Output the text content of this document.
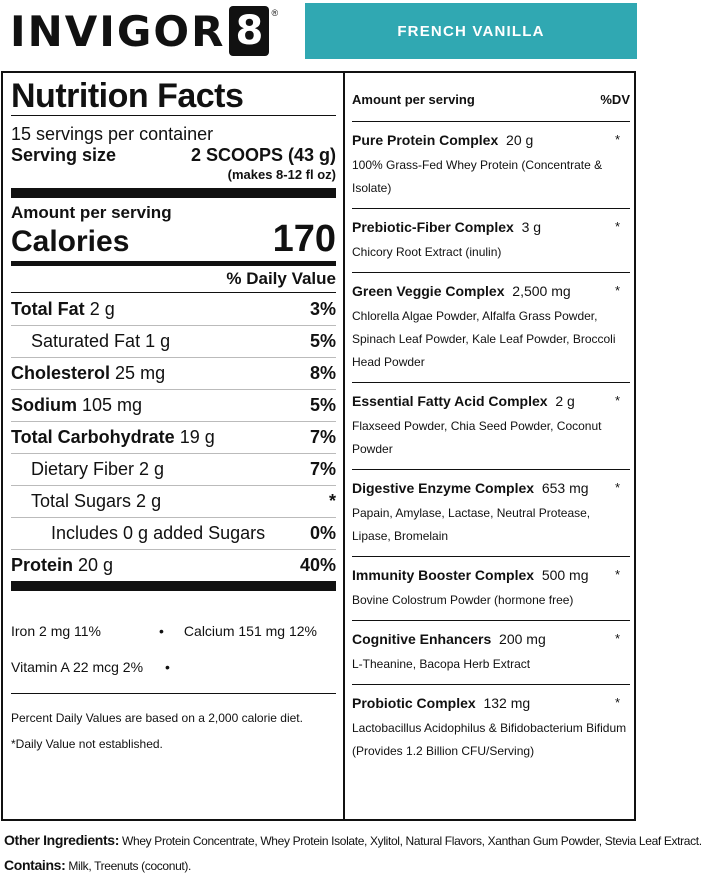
INVIGOR 8 ®
FRENCH VANILLA
Nutrition Facts
15 servings per container
Serving size	2 SCOOPS (43 g)
(makes 8-12 fl oz)
Amount per serving
Calories	170
% Daily Value
Total Fat 2 g	3%
Saturated Fat 1 g	5%
Cholesterol 25 mg	8%
Sodium 105 mg	5%
Total Carbohydrate 19 g	7%
Dietary Fiber 2 g	7%
Total Sugars 2 g	*
Includes 0 g added Sugars 0%
Protein 20 g	40%
Iron 2 mg 11%	• Calcium 151 mg 12%
Vitamin A 22 mcg 2% •
Percent Daily Values are based on a 2,000 calorie diet.
*Daily Value not established.
Amount per serving	%DV
Pure Protein Complex 20 g	*
100% Grass-Fed Whey Protein (Concentrate & Isolate)
Prebiotic-Fiber Complex 3 g	*
Chicory Root Extract (inulin)
Green Veggie Complex 2,500 mg	*
Chlorella Algae Powder, Alfalfa Grass Powder, Spinach Leaf Powder, Kale Leaf Powder, Broccoli Head Powder
Essential Fatty Acid Complex 2 g	*
Flaxseed Powder, Chia Seed Powder, Coconut Powder
Digestive Enzyme Complex 653 mg	*
Papain, Amylase, Lactase, Neutral Protease, Lipase, Bromelain
Immunity Booster Complex 500 mg	*
Bovine Colostrum Powder (hormone free)
Cognitive Enhancers 200 mg	*
L-Theanine, Bacopa Herb Extract
Probiotic Complex 132 mg	*
Lactobacillus Acidophilus & Bifidobacterium Bifidum (Provides 1.2 Billion CFU/Serving)
Other Ingredients: Whey Protein Concentrate, Whey Protein Isolate, Xylitol, Natural Flavors, Xanthan Gum Powder, Stevia Leaf Extract.
Contains: Milk, Treenuts (coconut).
